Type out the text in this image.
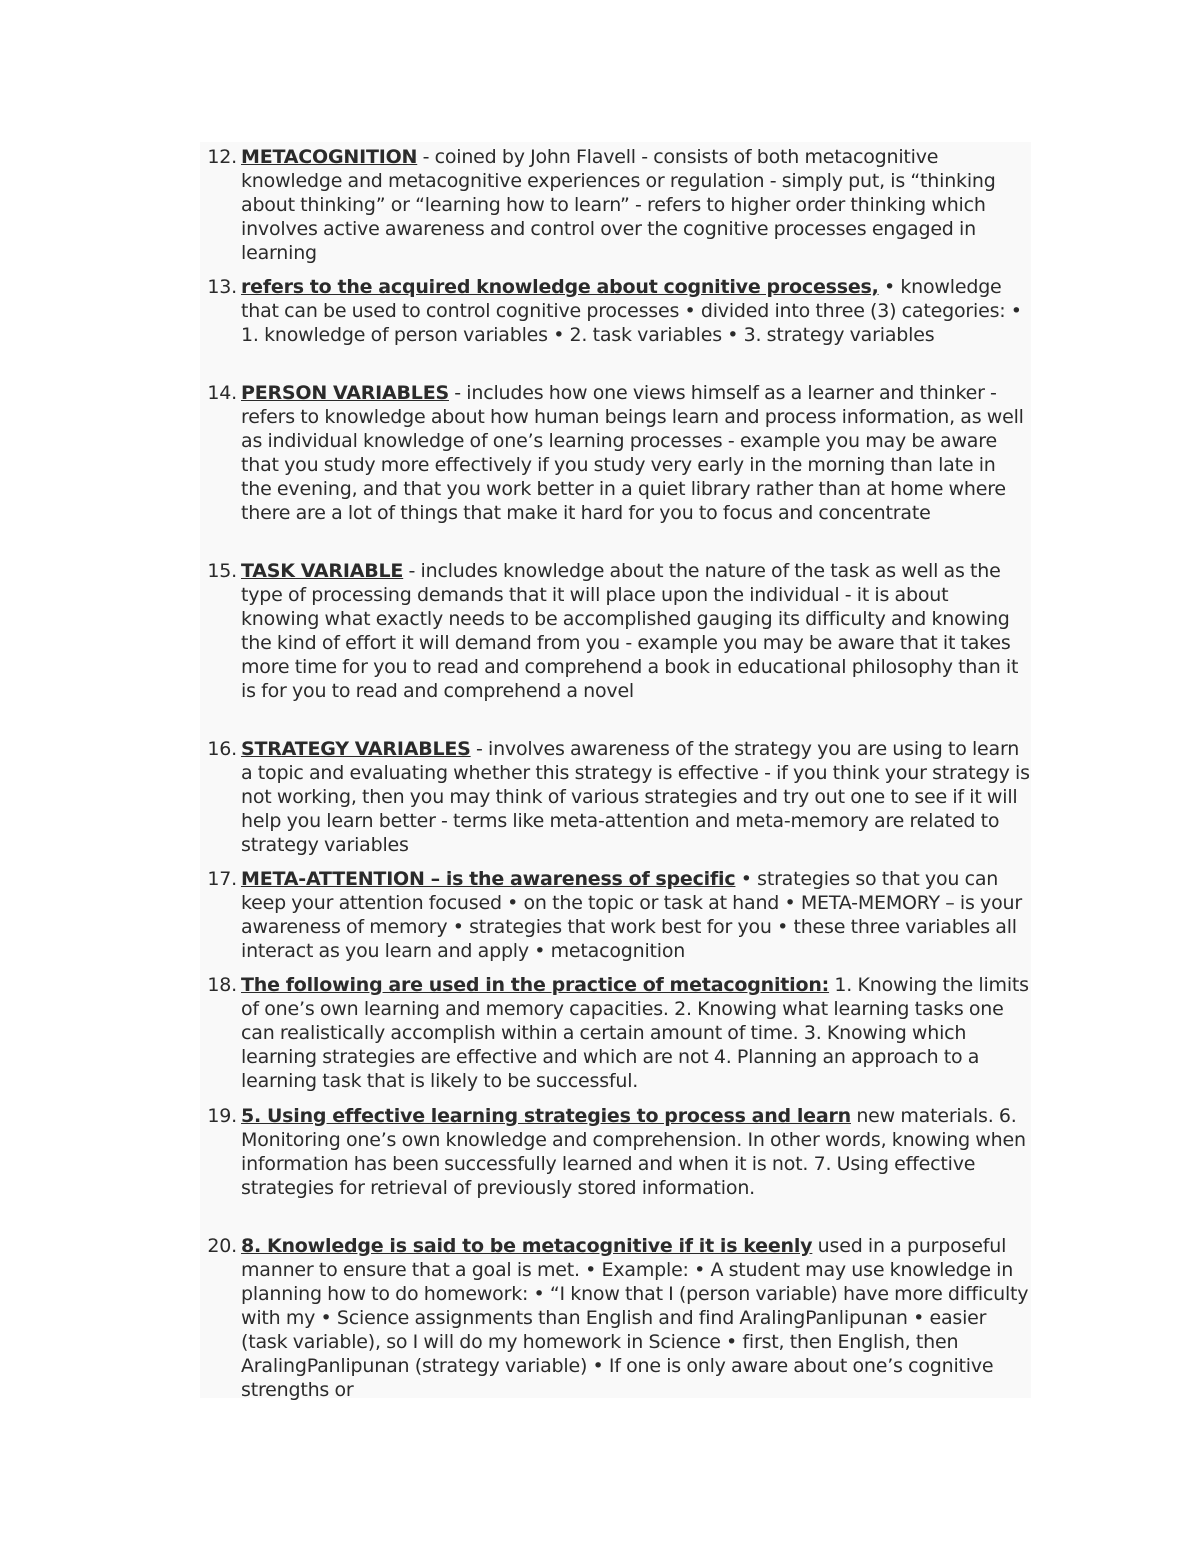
12. METACOGNITION - coined by John Flavell - consists of both metacognitive knowledge and metacognitive experiences or regulation - simply put, is “thinking about thinking” or “learning how to learn” - refers to higher order thinking which involves active awareness and control over the cognitive processes engaged in learning
13. refers to the acquired knowledge about cognitive processes, • knowledge that can be used to control cognitive processes • divided into three (3) categories: • 1. knowledge of person variables • 2. task variables • 3. strategy variables
14. PERSON VARIABLES - includes how one views himself as a learner and thinker - refers to knowledge about how human beings learn and process information, as well as individual knowledge of one’s learning processes - example you may be aware that you study more effectively if you study very early in the morning than late in the evening, and that you work better in a quiet library rather than at home where there are a lot of things that make it hard for you to focus and concentrate
15. TASK VARIABLE - includes knowledge about the nature of the task as well as the type of processing demands that it will place upon the individual - it is about knowing what exactly needs to be accomplished gauging its difficulty and knowing the kind of effort it will demand from you - example you may be aware that it takes more time for you to read and comprehend a book in educational philosophy than it is for you to read and comprehend a novel
16. STRATEGY VARIABLES - involves awareness of the strategy you are using to learn a topic and evaluating whether this strategy is effective - if you think your strategy is not working, then you may think of various strategies and try out one to see if it will help you learn better - terms like meta-attention and meta-memory are related to strategy variables
17. META-ATTENTION – is the awareness of specific • strategies so that you can keep your attention focused • on the topic or task at hand • META-MEMORY – is your awareness of memory • strategies that work best for you • these three variables all interact as you learn and apply • metacognition
18. The following are used in the practice of metacognition: 1. Knowing the limits of one’s own learning and memory capacities. 2. Knowing what learning tasks one can realistically accomplish within a certain amount of time. 3. Knowing which learning strategies are effective and which are not 4. Planning an approach to a learning task that is likely to be successful.
19. 5. Using effective learning strategies to process and learn new materials. 6. Monitoring one’s own knowledge and comprehension. In other words, knowing when information has been successfully learned and when it is not. 7. Using effective strategies for retrieval of previously stored information.
20. 8. Knowledge is said to be metacognitive if it is keenly used in a purposeful manner to ensure that a goal is met. • Example: • A student may use knowledge in planning how to do homework: • “I know that I (person variable) have more difficulty with my • Science assignments than English and find AralingPanlipunan • easier (task variable), so I will do my homework in Science • first, then English, then AralingPanlipunan (strategy variable) • If one is only aware about one’s cognitive strengths or
